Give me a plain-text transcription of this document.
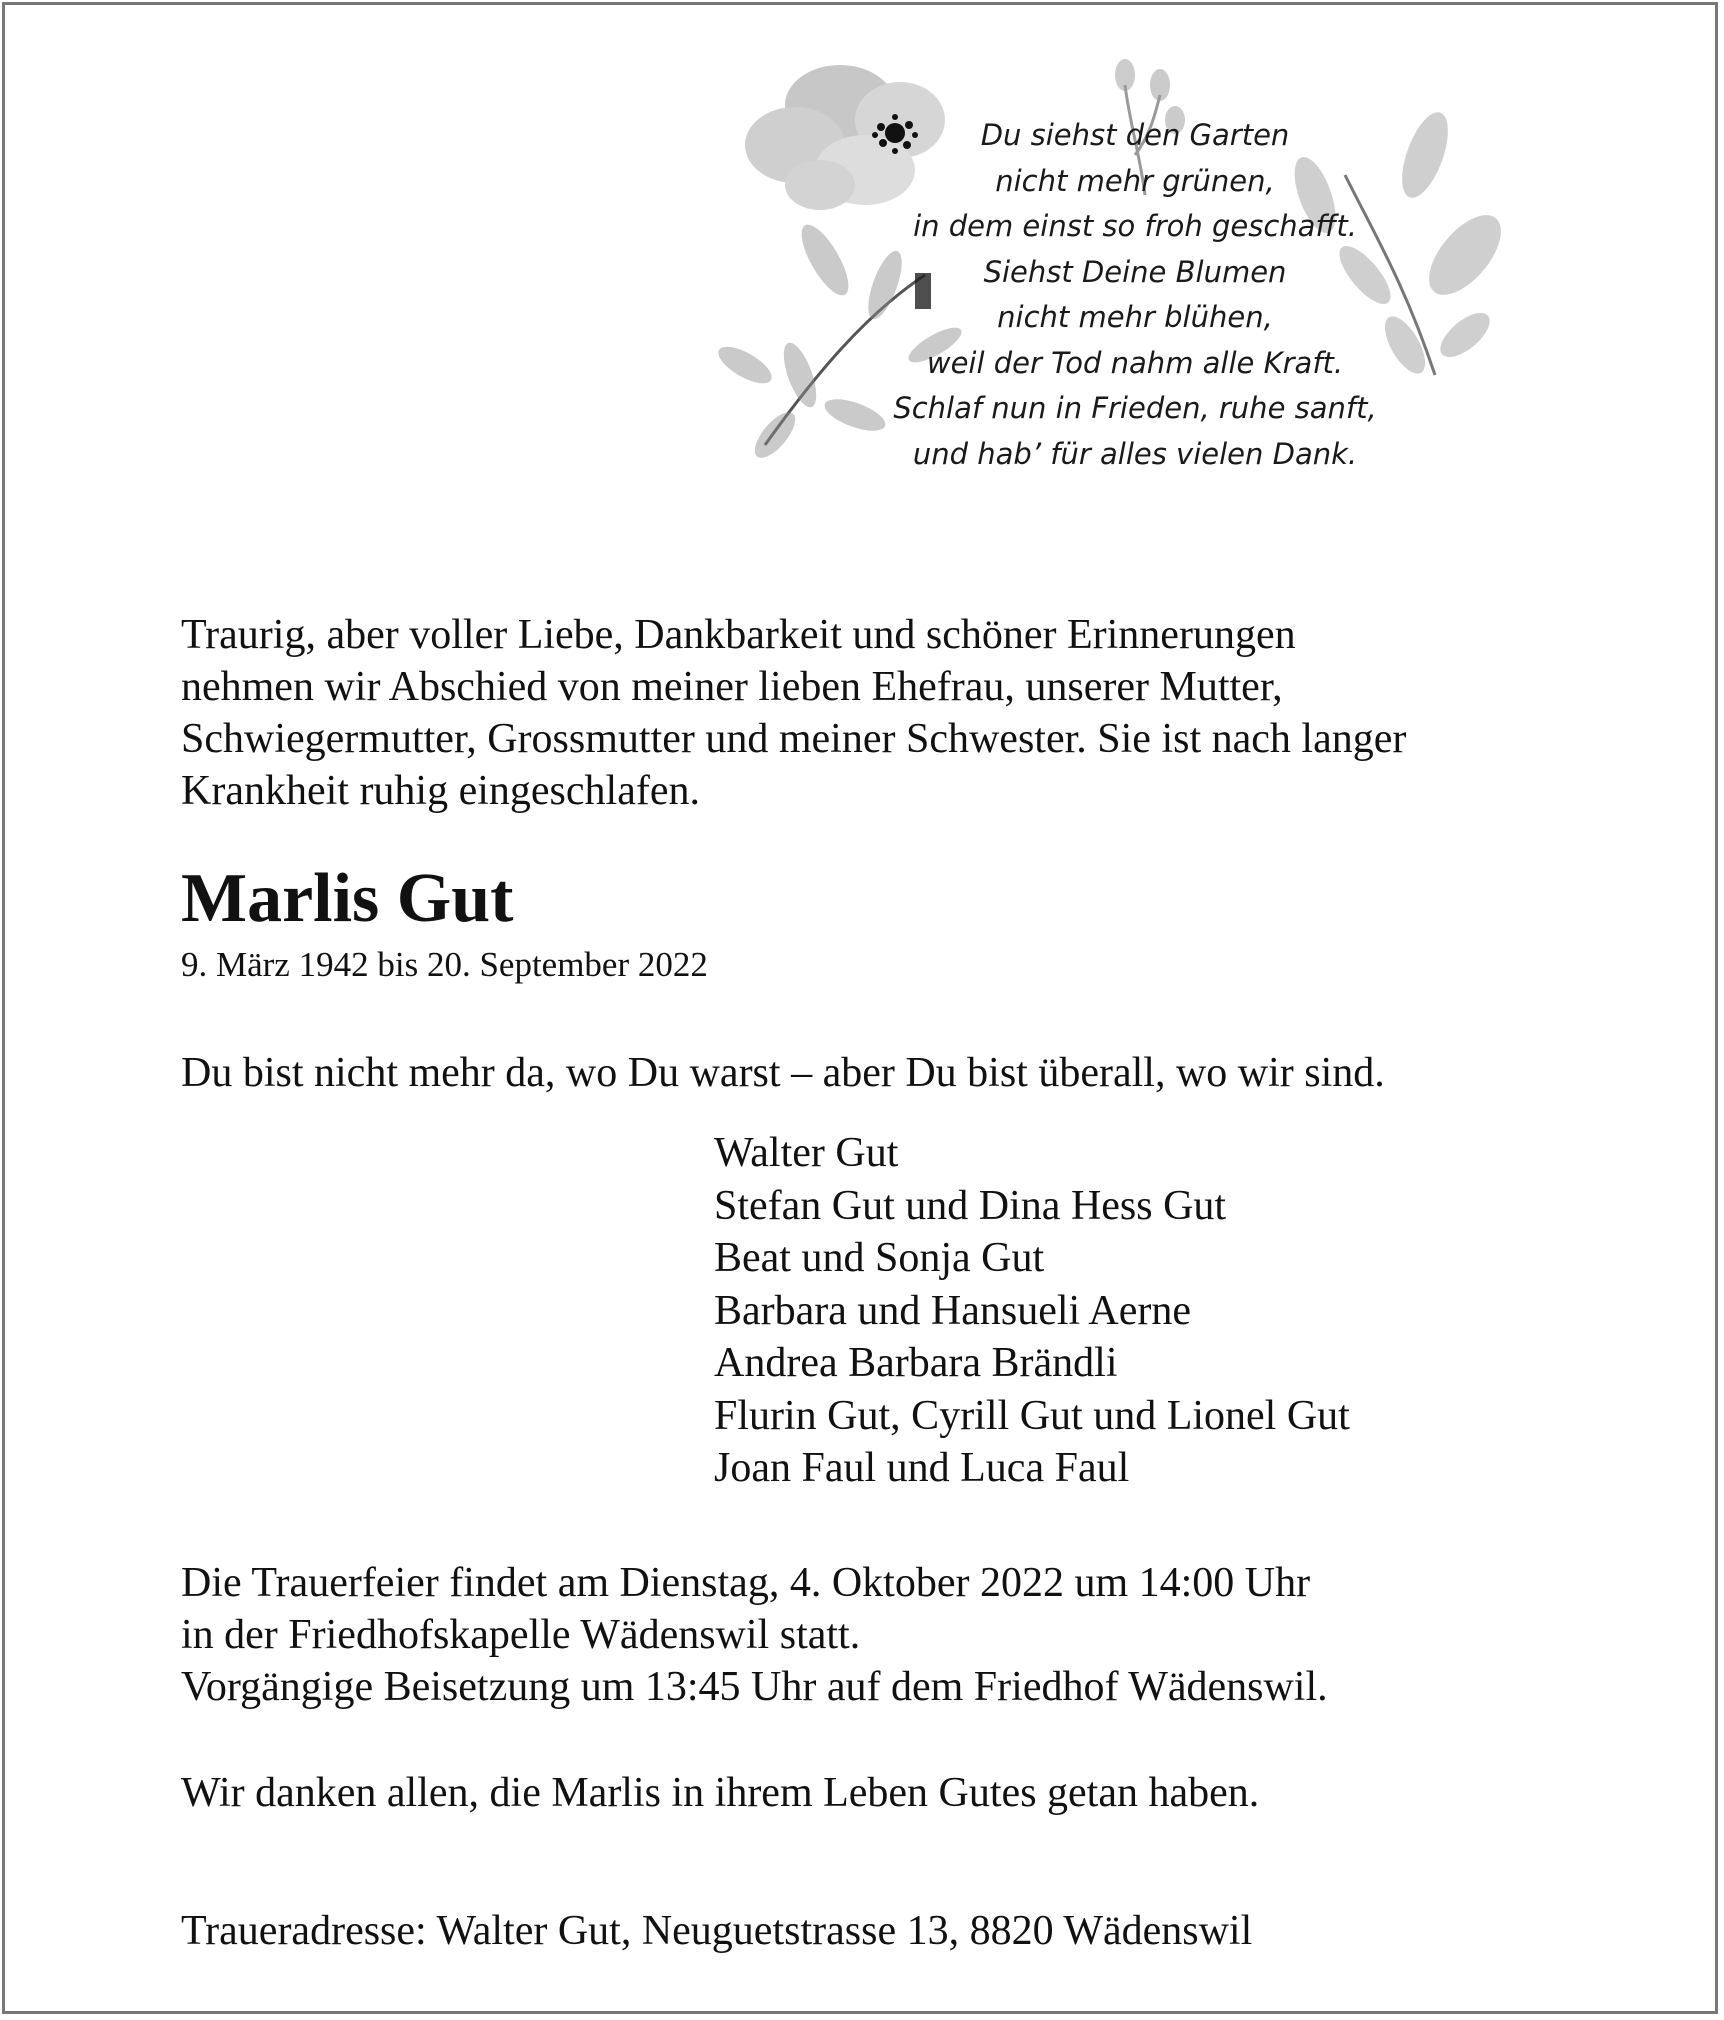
Du siehst den Garten
nicht mehr grünen,
in dem einst so froh geschafft.
Siehst Deine Blumen
nicht mehr blühen,
weil der Tod nahm alle Kraft.
Schlaf nun in Frieden, ruhe sanft,
und hab’ für alles vielen Dank.
Traurig, aber voller Liebe, Dankbarkeit und schöner Erinnerungen
nehmen wir Abschied von meiner lieben Ehefrau, unserer Mutter,
Schwiegermutter, Grossmutter und meiner Schwester. Sie ist nach langer
Krankheit ruhig eingeschlafen.
Marlis Gut
9. März 1942 bis 20. September 2022
Du bist nicht mehr da, wo Du warst – aber Du bist überall, wo wir sind.
Walter Gut
Stefan Gut und Dina Hess Gut
Beat und Sonja Gut
Barbara und Hansueli Aerne
Andrea Barbara Brändli
Flurin Gut, Cyrill Gut und Lionel Gut
Joan Faul und Luca Faul
Die Trauerfeier findet am Dienstag, 4. Oktober 2022 um 14:00 Uhr
in der Friedhofskapelle Wädenswil statt.
Vorgängige Beisetzung um 13:45 Uhr auf dem Friedhof Wädenswil.
Wir danken allen, die Marlis in ihrem Leben Gutes getan haben.
Traueradresse: Walter Gut, Neuguetstrasse 13, 8820 Wädenswil
